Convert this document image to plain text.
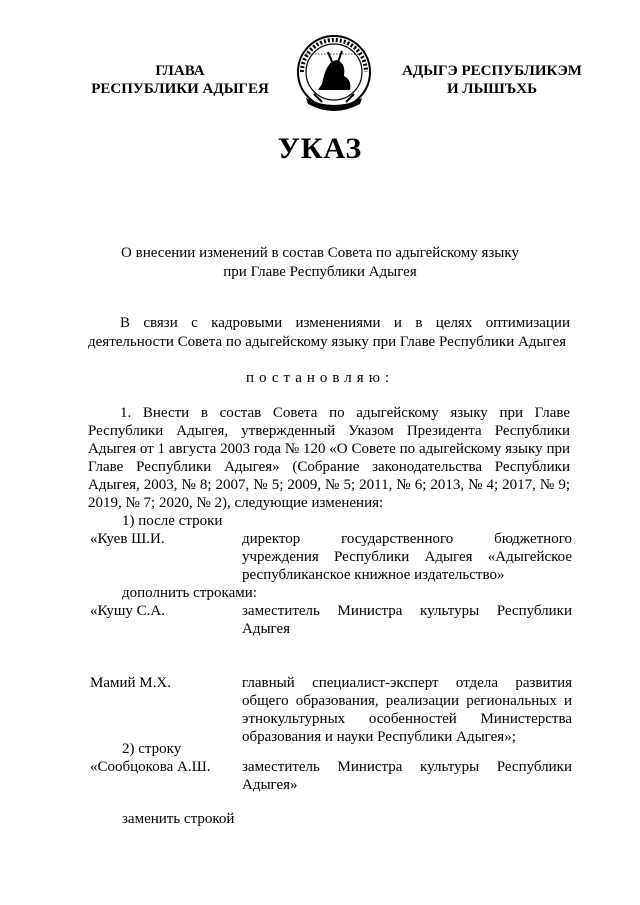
ГЛАВА
РЕСПУБЛИКИ АДЫГЕЯ
АДЫГЭ РЕСПУБЛИКЭМ
И ЛЫШЪХЬ
УКАЗ
О внесении изменений в состав Совета по адыгейскому языку
при Главе Республики Адыгея
В связи с кадровыми изменениями и в целях оптимизации деятельности Совета по адыгейскому языку при Главе Республики Адыгея
постановляю:
1. Внести в состав Совета по адыгейскому языку при Главе Республики Адыгея, утвержденный Указом Президента Республики Адыгея от 1 августа 2003 года № 120 «О Совете по адыгейскому языку при Главе Республики Адыгея» (Собрание законодательства Республики Адыгея, 2003, № 8; 2007, № 5; 2009, № 5; 2011, № 6; 2013, № 4; 2017, № 9; 2019, № 7; 2020, № 2), следующие изменения:
1) после строки
«Куев Ш.И.	директор государственного бюджетного учреждения Республики Адыгея «Адыгейское республиканское книжное издательство»
дополнить строками:
«Кушу С.А.	заместитель Министра культуры Республики Адыгея
Мамий М.Х.	главный специалист-эксперт отдела развития общего образования, реализации региональных и этнокультурных особенностей Министерства образования и науки Республики Адыгея»;
2) строку
«Сообцокова А.Ш. заместитель Министра культуры Республики Адыгея»
заменить строкой
